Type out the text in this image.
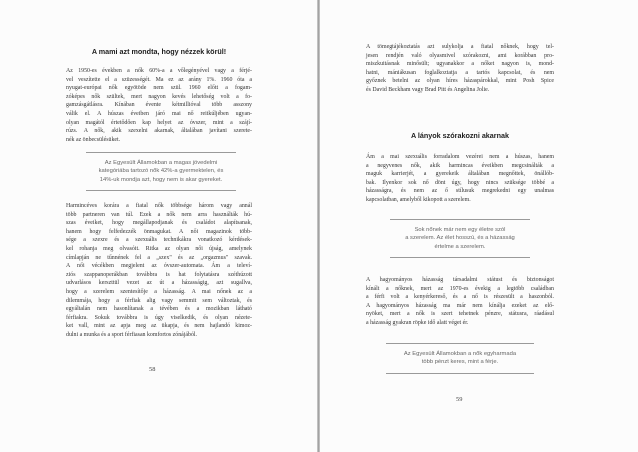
A mami azt mondta, hogy nézzek körül!
Az 1950-es években a nők 60%-a a vőlegényével vagy a férjé-
vel veszítette el a szüzességét. Ma ez az arány 1%. 1960 óta a
nyugat-európai nők egyötöde nem szül. 1960 előtt a fogam-
zóképes nők szültek, mert nagyon kevés lehetőség volt a fo-
gamzásgátlásra. Kínában évente kétmillióval több asszony
válik el. A húszas éveiben járó mai nő reitkúljében ugyan-
olyan magától értetődően kap helyet az óvszer, mint a szájí-
rúzs. A nők, akik szexelni akarnak, általában javítani szerete-
nék az önbecsülésüket.
Az Egyesült Államokban a magas jövedelmi
kategóriába tartozó nők 42%-a gyermektelen, és
14%-uk mondja azt, hogy nem is akar gyereket.
Harmincéves korára a fiatal nők többsége három vagy annál
több partneren van túl. Ezek a nők nem arra használták hú-
szas éveiket, hogy megállapodjanak és családot alapítsanak,
hanem hogy felfedezzék önmagukat. A női magazinok több-
sége a szexre és a szexuális technikákra vonatkozó kérdések-
kel rohanja meg olvasóit. Ritka az olyan női újság, amelynek
címlapján ne tűnnének fel a „szex" és az „orgazmus" szavak.
A női vécékben megjelent az óvszer-automata. Ám a televí-
ziós szappanoperákban továbbra is hat folytatásra széthúzott
udvarlásos kerszttül vezet az út a házasságig, azt sugallva,
hogy a szerelem szentesítője a házasság. A mai nőnek az a
dilemmája, hogy a férfiak alig vagy semmit sem változtak, és
egyáltalán nem hasonlítanak a tévében és a mozikban látható
férfiakra. Sokuk továbbra is úgy viselkedik, és olyan nézete-
ket vall, mint az apja meg az ükapja, és nem hajlandó kimoz-
dulni a munka és a sport férfiasan komfortos zónájából.
58
A tömegtájékoztatás azt sulykolja a fiatal nőknek, hogy tel-
jesen rendjén való olyasmivel szórakozni, ami korábban pro-
miszkuitásnak minősült; ugyanakkor a nőket nagyon is, mond-
hatni, mániákusan foglalkoztatja a tartós kapcsolat, és nem
győznek betelni az olyan híres házaspárokkal, mint Posh Spice
és David Beckham vagy Brad Pitt és Angelina Jolie.
A lányok szórakozni akarnak
Ám a mai szexuális forradalom vezérei nem a húszas, hanem
a negyvenes nők, akik harmincas éveikben megcsinálták a
maguk karrierjét, a gyerekeik általában megnőttek, önállób-
bak. Ilyenkor sok nő dönt úgy, hogy nincs szüksége többé a
házasságra, és nem az ő stílusuk megrekedni egy unalmas
kapcsolatban, amelyből kikopott a szerelem.
Sok nőnek már nem egy életre szól
a szerelem. Az élet hosszú, és a házasság
értelme a szerelem.
A hagyományos házasság társadalmi státust és biztonságot
kínált a nőknek, mert az 1970-es évekig a legtöbb családban
a férfi volt a kenyérkereső, és a nő is részesült a haszonból.
A hagyományos házasság ma már nem kínálja ezeket az elő-
nyöket, mert a nők is szert tehetnek pénzre, státusra, ráadásul
a házasság gyakran röpke idő alatt véget ér.
Az Egyesült Államokban a nők egyharmada
több pénzt keres, mint a férje.
59
